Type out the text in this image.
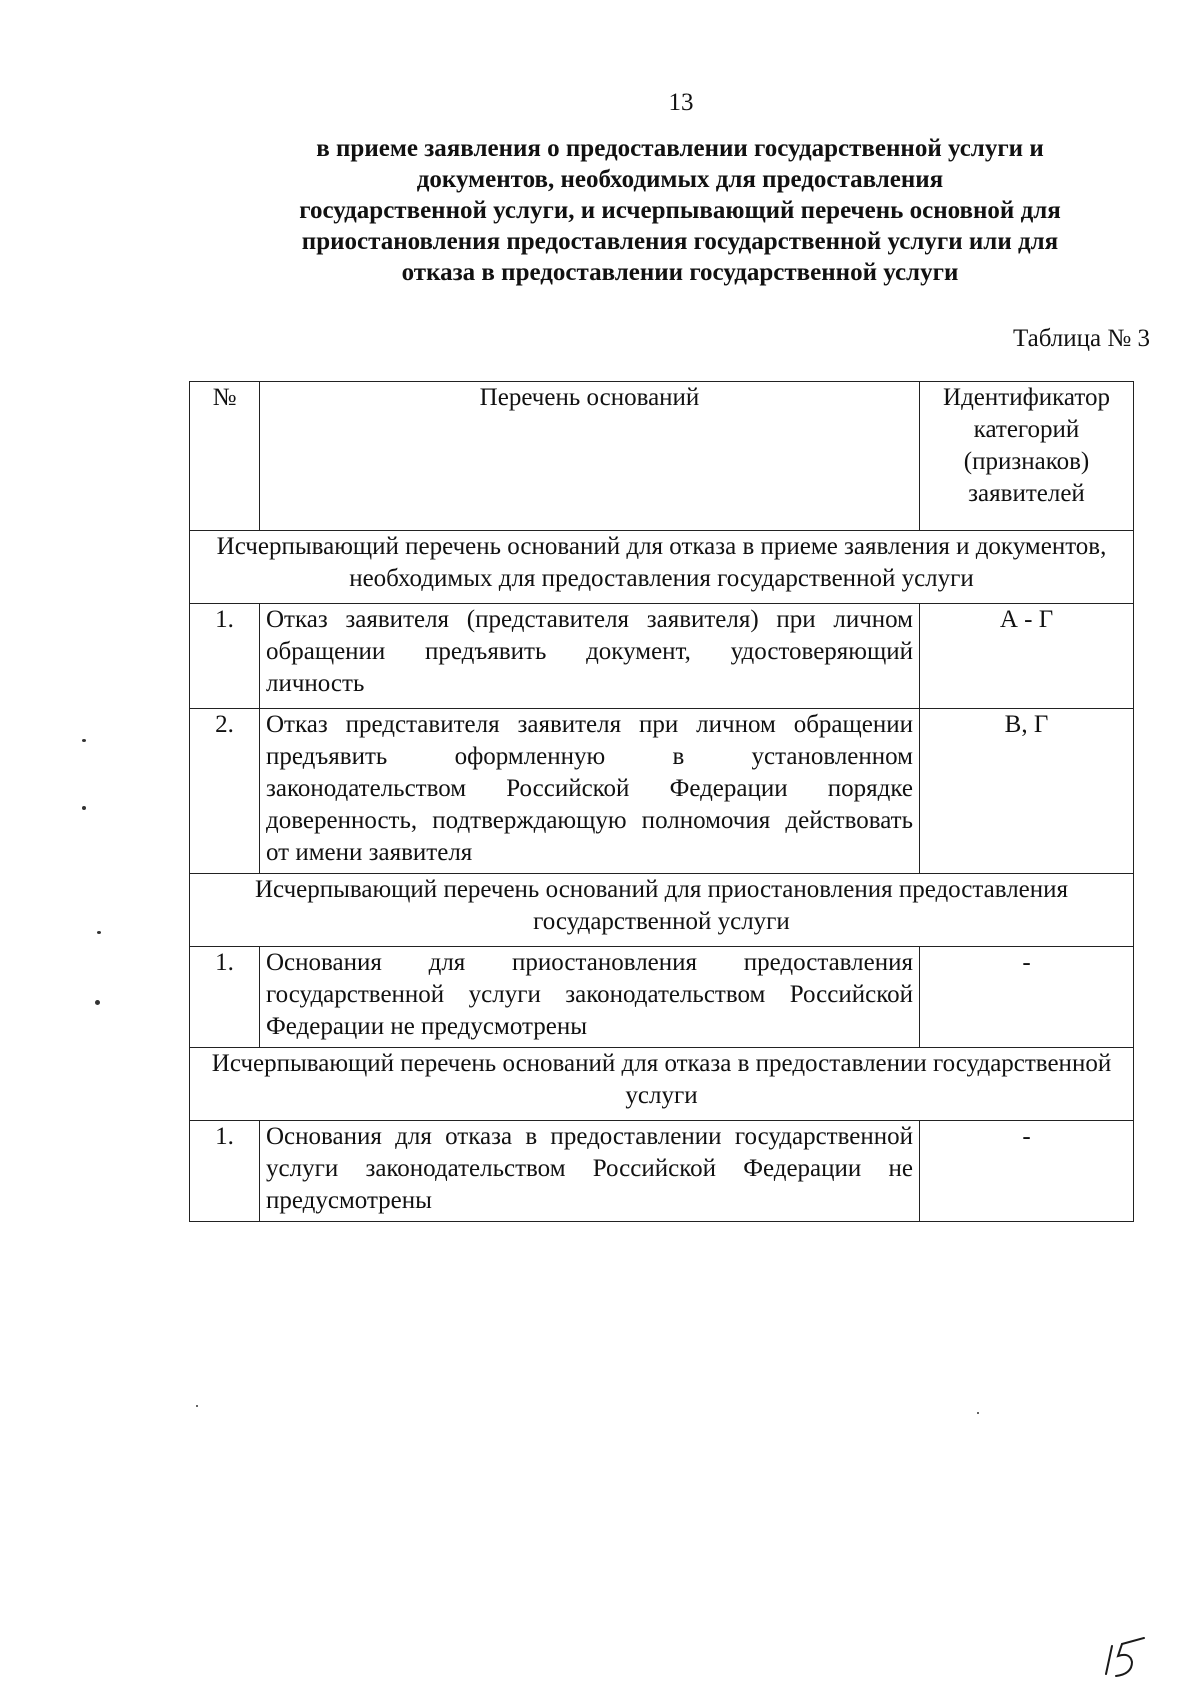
13
в приеме заявления о предоставлении государственной услуги и
документов, необходимых для предоставления
государственной услуги, и исчерпывающий перечень основной для
приостановления предоставления государственной услуги или для
отказа в предоставлении государственной услуги
Таблица № 3
№	Перечень оснований	Идентификатор категорий (признаков) заявителей
Исчерпывающий перечень оснований для отказа в приеме заявления и документов, необходимых для предоставления государственной услуги		
1.	Отказ заявителя (представителя заявителя) при личном обращении предъявить документ, удостоверяющий личность	А - Г
2.	Отказ представителя заявителя при личном обращении предъявить оформленную в установленном законодательством Российской Федерации порядке доверенность, подтверждающую полномочия действовать от имени заявителя	В, Г
Исчерпывающий перечень оснований для приостановления предоставления государственной услуги		
1.	Основания для приостановления предоставления государственной услуги законодательством Российской Федерации не предусмотрены	-
Исчерпывающий перечень оснований для отказа в предоставлении государственной услуги		
1.	Основания для отказа в предоставлении государственной услуги законодательством Российской Федерации не предусмотрены	-
